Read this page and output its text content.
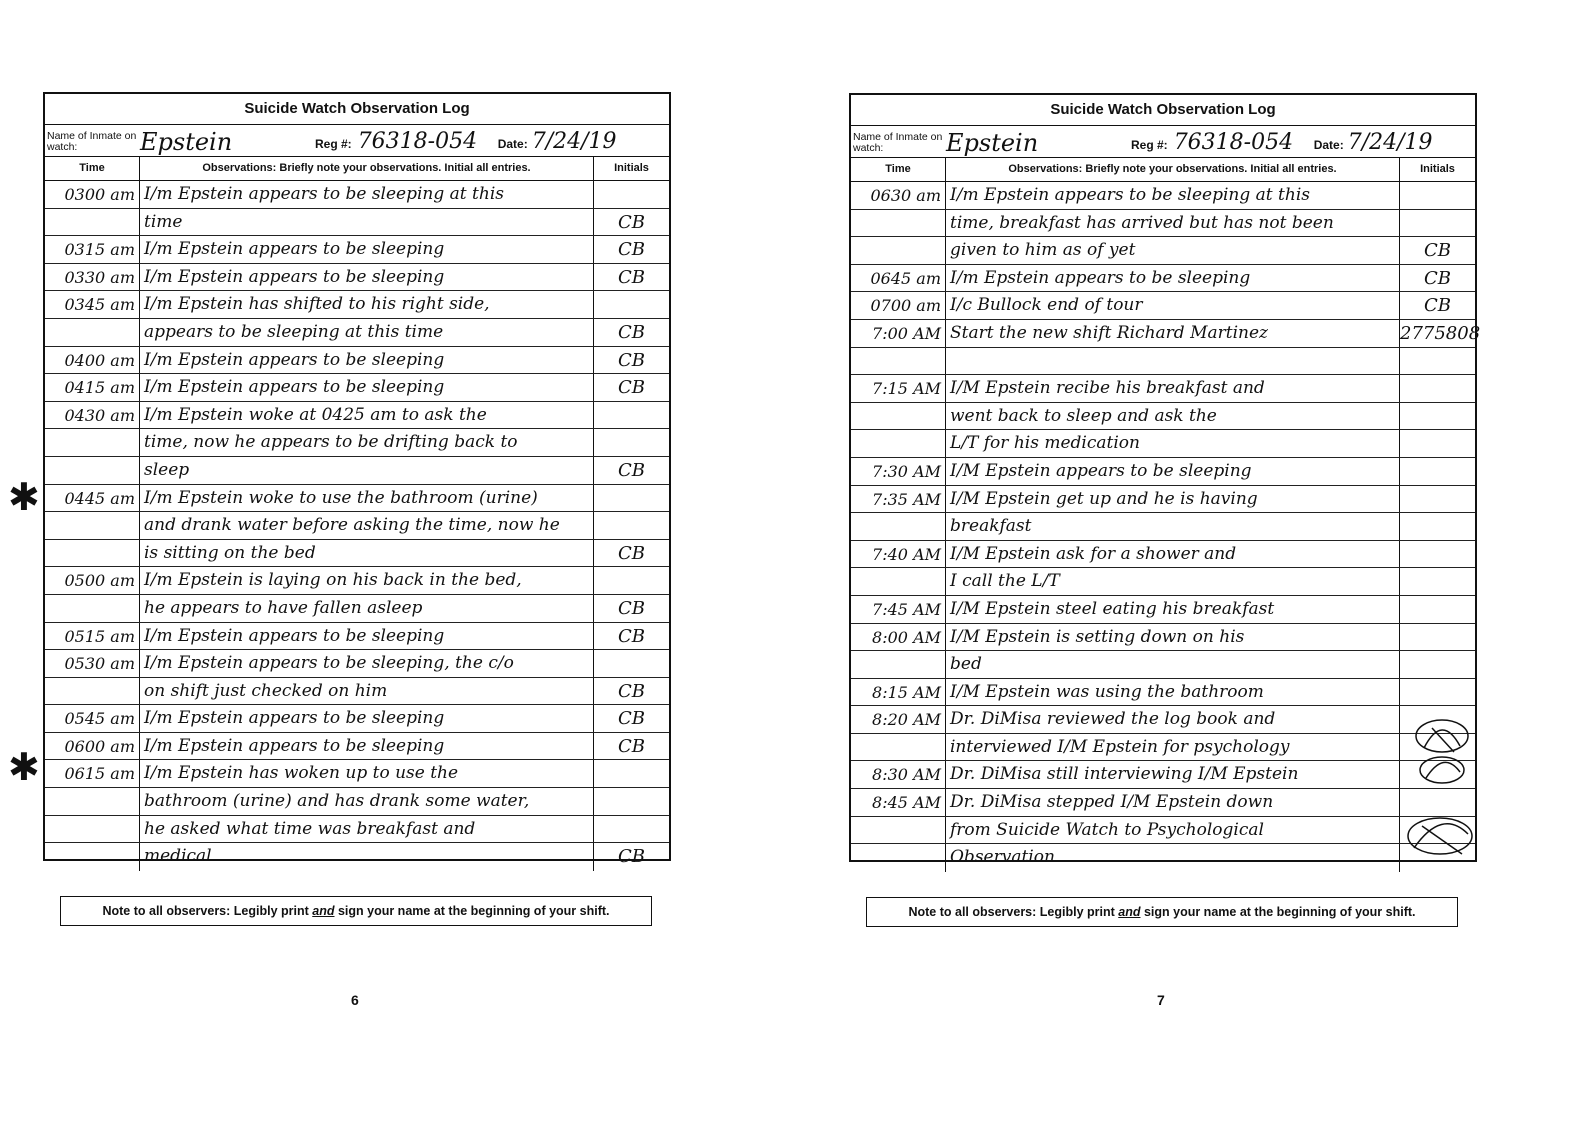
Suicide Watch Observation Log
Name of Inmate on watch:	Epstein	Reg #: 76318-054	Date: 7/24/19
Time	Observations: Briefly note your observations. Initial all entries.	Initials
0300 am I/m Epstein appears to be sleeping at this
time	CB
0315 am I/m Epstein appears to be sleeping	CB
0330 am I/m Epstein appears to be sleeping	CB
0345 am I/m Epstein has shifted to his right side,
appears to be sleeping at this time	CB
0400 am I/m Epstein appears to be sleeping	CB
0415 am I/m Epstein appears to be sleeping	CB
0430 am I/m Epstein woke at 0425 am to ask the
time, now he appears to be drifting back to
sleep	CB
0445 am I/m Epstein woke to use the bathroom (urine)
and drank water before asking the time, now he
is sitting on the bed	CB
0500 am I/m Epstein is laying on his back in the bed,
he appears to have fallen asleep	CB
0515 am I/m Epstein appears to be sleeping	CB
0530 am I/m Epstein appears to be sleeping, the c/o
on shift just checked on him	CB
0545 am I/m Epstein appears to be sleeping	CB
0600 am I/m Epstein appears to be sleeping	CB
0615 am I/m Epstein has woken up to use the
bathroom (urine) and has drank some water,
he asked what time was breakfast and
medical	CB
✱
✱
Note to all observers: Legibly print and sign your name at the beginning of your shift.
6
Suicide Watch Observation Log
Name of Inmate on watch:	Epstein	Reg #: 76318-054	Date: 7/24/19
Time	Observations: Briefly note your observations. Initial all entries.	Initials
0630 am I/m Epstein appears to be sleeping at this
time, breakfast has arrived but has not been
given to him as of yet	CB
0645 am I/m Epstein appears to be sleeping	CB
0700 am I/c Bullock end of tour	CB
7:00 AM Start the new shift Richard Martinez	2775808
7:15 AM I/M Epstein recibe his breakfast and
went back to sleep and ask the
L/T for his medication
7:30 AM I/M Epstein appears to be sleeping
7:35 AM I/M Epstein get up and he is having
breakfast
7:40 AM I/M Epstein ask for a shower and
I call the L/T
7:45 AM I/M Epstein steel eating his breakfast
8:00 AM I/M Epstein is setting down on his
bed
8:15 AM I/M Epstein was using the bathroom
8:20 AM Dr. DiMisa reviewed the log book and
interviewed I/M Epstein for psychology
8:30 AM Dr. DiMisa still interviewing I/M Epstein
8:45 AM Dr. DiMisa stepped I/M Epstein down
from Suicide Watch to Psychological
Observation
Note to all observers: Legibly print and sign your name at the beginning of your shift.
7
